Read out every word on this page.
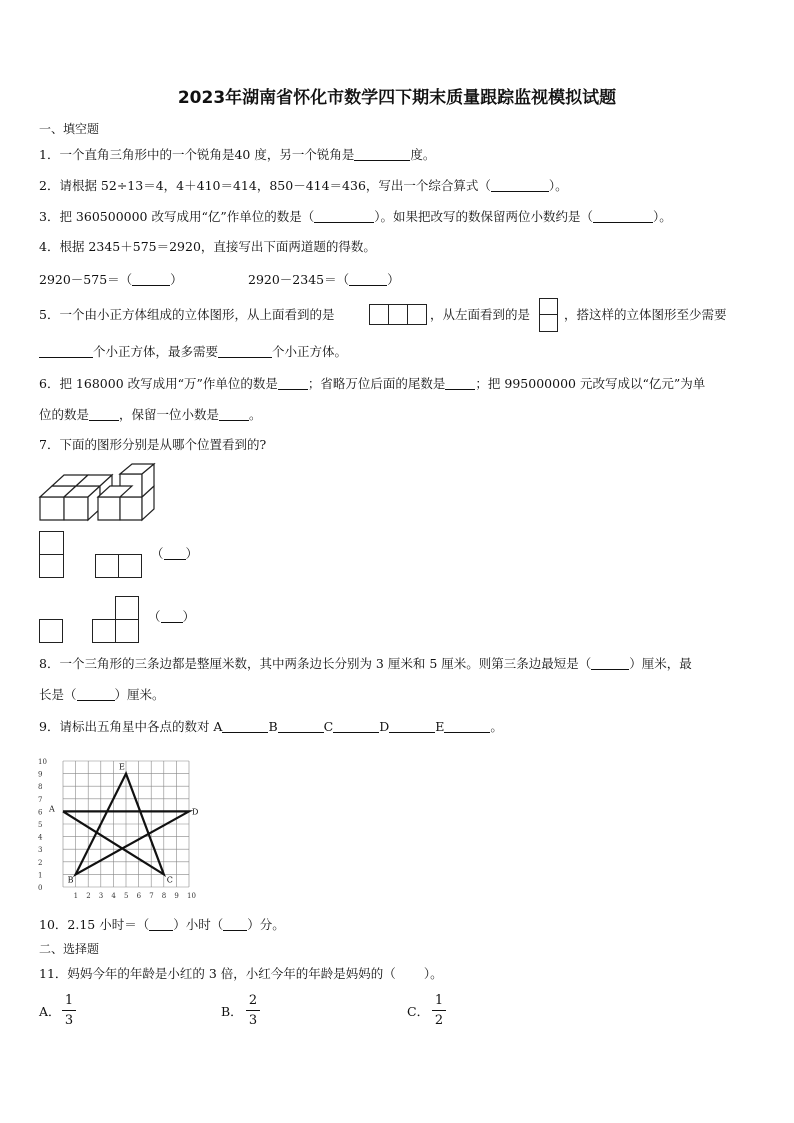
2023年湖南省怀化市数学四下期末质量跟踪监视模拟试题
一、填空题
1．一个直角三角形中的一个锐角是40 度，另一个锐角是	度。
2．请根据 52÷13＝4，4＋410＝414，850－414＝436，写出一个综合算式（	）。
3．把 360500000 改写成用“亿”作单位的数是（	）。如果把改写的数保留两位小数约是（	）。
4．根据 2345＋575＝2920，直接写出下面两道题的得数。
2920－575＝（	）	2920－2345＝（	）
5．一个由小正方体组成的立体图形，从上面看到的是	，从左面看到的是	，搭这样的立体图形至少需要
个小正方体，最多需要	个小正方体。
6．把 168000 改写成用“万”作单位的数是 ；省略万位后面的尾数是 ；把 995000000 元改写成以“亿元”为单
位的数是 ，保留一位小数是 。
7．下面的图形分别是从哪个位置看到的?
（ ）
（ ）
8．一个三角形的三条边都是整厘米数，其中两条边长分别为 3 厘米和 5 厘米。则第三条边最短是（	）厘米，最
长是（	）厘米。
9．请标出五角星中各点的数对 A	B	C	D	E	。
10
9
8
7
6
5
4
3
2
1
0
1 2 3 4 5 6 7 8 9 10
A
E
D
B	C
10．2.15 小时＝（ ）小时（ ）分。
二、选择题
11．妈妈今年的年龄是小红的 3 倍，小红今年的年龄是妈妈的（ ）。
A．
1
3
B．
2
3
C．
1
2
